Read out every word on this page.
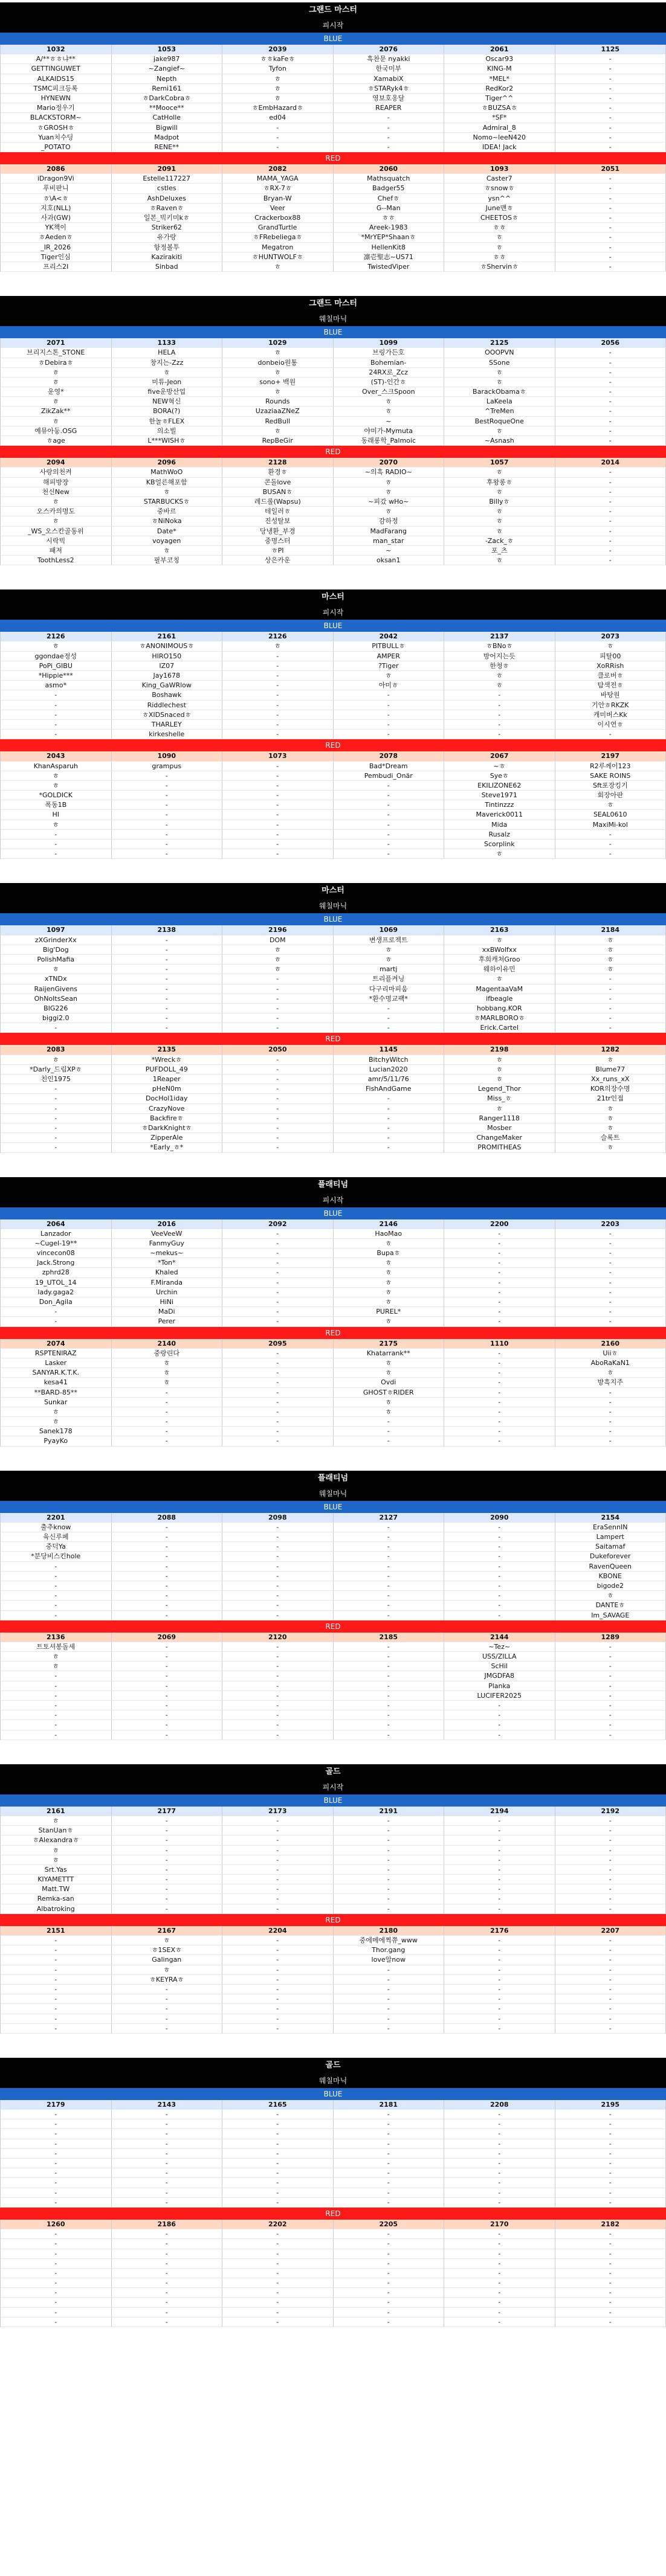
그랜드 마스터
피시작
BLUE
1032	1053	2039	2076	2061	1125
A/**ㅎㅎ냐**	jake987	ㅎㅎkaFeㅎ	흑찬문 nyakki	Oscar93	-
GETTINGUWET	~Zangief~	Tyfon	한국미부	KING-M	-
ALKAIDS15	Nepth	ㅎ	XamabiX	*MEL*	-
TSMC피크등록	Remi161	ㅎ	ㅎSTARyk4ㅎ	RedKor2	-
HYNEWN	ㅎDarkCobraㅎ	ㅎ	영보호옹달	Tiger^^	-
Mario정우기	**Mooce**	ㅎEmbHazardㅎ	REAPER	ㅎBUZSAㅎ	-
BLACKSTORM~	CatHolle	ed04	-	*SF*	-
ㅎGROSHㅎ	Bigwill	-	-	Admiral_8	-
Yuan치수딩	Madpot	-	-	Nomo~leeN420	-
_POTATO	RENE**	-	-	IDEA! Jack	-
RED
2086	2091	2082	2060	1093	2051
iDragon9Vi	Estelle117227	MAMA_YAGA	Mathsquatch	Caster7	-
푸비판니	cstles	ㅎRX-7ㅎ	Badger55	ㅎsnowㅎ	-
ㅎ\A<ㅎ	AshDeluxes	Bryan-W	Chefㅎ	ysn^^	-
지호(NLL)	ㅎRavenㅎ	Veer	G--Man	June맨ㅎ	-
사과(GW)	일본_빅키미kㅎ	Crackerbox88	ㅎㅎ	CHEETOSㅎ	-
YK책이	Striker62	GrandTurtle	Areek-1983	ㅎㅎ	-
ㅎAedenㅎ	유가랑	ㅎFRebeliegaㅎ	*MrYEP*Shaanㅎ	ㅎ	-
_IR_2026	항정볼투	Megatron	HellenKit8	ㅎ	-
Tiger인심	Kazirakiti	ㅎHUNTWOLFㅎ	凛壱聖志~US71	ㅎㅎ	-
프리스2I	Sinbad	ㅎ	TwistedViper	ㅎShervinㅎ	-
그랜드 마스터
웨칠마닉
BLUE
2071	1133	1029	1099	2125	2056
브리지스톤_STONE	HELA	ㅎ	브링가든호	OOOPVN	-
ㅎDebiraㅎ	창지는-Zzz	donbeio원통	Bohemian-	SSone	-
ㅎ	ㅎ	ㅎ	24RX로_Zcz	ㅎ	-
ㅎ	미튜-Jeon	sono+ 백원	(ST)-인간ㅎ	ㅎ	-
운영*	five운방산업	ㅎ	Over_스크Spoon	BarackObamaㅎ	-
ㅎ	NEW혁신	Rounds	ㅎ	LaKeela	-
ZikZak**	BORA(?)	UzaziaaZNeZ	ㅎ	^TreMen	-
ㅎ	한놀ㅎFLEX	RedBull	~	BestRoqueOne	-
예뮤아둥.OSG	의소빌	ㅎ	야미가-Mymuta	ㅎ	-
ㅎage	L***WISHㅎ	RepBeGir	동래롱학_Palmoic	~Asnash	-
RED
2094	2096	2128	2070	1057	2014
사랑의천켜	MathWoO	환경ㅎ	~의흑 RADIO~	ㅎ	-
해피방장	KB얼른해포함	콘돌love	ㅎ	후왕롱ㅎ	-
천신New	ㅎ	BUSANㅎ	ㅎ	ㅎ	-
ㅎ	STARBUCKSㅎ	레드롤(Wapsu)	~피갔 wHo~	Billyㅎ	-
오스카의명도	중바르	테일러ㅎ	ㅎ	ㅎ	-
ㅎ	ㅎNiNoka	진성탈보	감하정	ㅎ	-
_WS_오스칸골동위	Date*	당냉환_부경	MadFarang	ㅎ	-
시락빅	voyagen	중명스터	man_star	-Zack_ㅎ	-
패저	ㅎ	ㅎPI	~	포_츠	-
ToothLess2	필부코칭	상은카운	oksan1	ㅎ	-
마스터
피시작
BLUE
2126	2161	2126	2042	2137	2073
ㅎ	ㅎANONIMOUSㅎ	ㅎ	PITBULLㅎ	ㅎBNoㅎ	ㅎ
ggondae정성	HIRO150	-	AMPER	방어지는듯	피탈00
PoPi_GIBU	IZ07	-	?Tiger	한청ㅎ	XoRRish
*Hippie***	Jay1678	-	ㅎ	ㅎ	클로버ㅎ
asmo*	King_GaWRlow	-	아미ㅎ	ㅎ	탐색전ㅎ
-	Boshawk	-	-	-	바탕원
-	Riddlechest	-	-	-	기안ㅎRKZK
-	ㅎXIDSnacedㅎ	-	-	-	캐미버스Kk
-	THARLEY	-	-	-	이시연ㅎ
-	kirkeshelle	-	-	-	-
RED
2043	1090	1073	2078	2067	2197
KhanAsparuh	grampus	-	Bad*Dream	~ㅎ	R2루께이123
ㅎ	-	-	Pembudi_Onär	Syeㅎ	SAKE ROINS
ㅎ	-	-	-	EKILIZONE62	Sft포장킹기
*GOLDICK	-	-	-	Steve1971	회장아판
폭동1B	-	-	-	Tintinzzz	ㅎ
HI	-	-	-	Maverick0011	SEAL0610
ㅎ	-	-	-	Mida	MaxiMi-kol
-	-	-	-	Rusalz	-
-	-	-	-	Scorplink	-
-	-	-	-	ㅎ	-
마스터
웨칠마닉
BLUE
1097	2138	2196	1069	2163	2184
zXGrinderXx	-	DOM	변생프로젝트	ㅎ	ㅎ
Big'Dog	-	ㅎ	ㅎ	xxBWolfxx	ㅎ
PolishMafia	-	ㅎ	ㅎ	후희캐쳐Groo	ㅎ
ㅎ	-	ㅎ	martj	웨하이유민	ㅎ
xTNDx	-	-	트리플켜닝	ㅎ	-
RaijenGivens	-	-	다구리마피움	MagentaaVaM	-
OhNoItsSean	-	-	*환수명교팩*	ifbeagle	-
BIG226	-	-	-	hobbang.KOR	-
biggi2.0	-	-	-	ㅎMARLBOROㅎ	-
-	-	-	-	Erick.Cartel	-
RED
2083	2135	2050	1145	2198	1282
ㅎ	*Wreckㅎ	-	BitchyWitch	ㅎ	ㅎ
*Darly_드림XPㅎ	PUFDOLL_49	-	Lucian2020	ㅎ	Blume77
친인1975	1Reaper	-	amr/5/11/76	ㅎ	Xx_runs_xX
-	pHeN0m	-	FishAndGame	Legend_Thor	KOR의장수명
-	DocHol1iday	-	-	Miss_ㅎ	21tr인접
-	CrazyNove	-	-	ㅎ	ㅎ
-	Backfireㅎ	-	-	Ranger1118	ㅎ
-	ㅎDarkKnightㅎ	-	-	Mosber	ㅎ
-	ZipperAle	-	-	ChangeMaker	슬록트
-	*Early_ㅎ*	-	-	PROMITHEAS	ㅎ
플래티넘
피시작
BLUE
2064	2016	2092	2146	2200	2203
Lanzador	VeeVeeW	-	HaoMao	-	-
~Cugel-19**	FanmyGuy	-	ㅎ	-	-
vincecon08	~mekus~	-	Bupaㅎ	-	-
Jack.Strong	*Ton*	-	ㅎ	-	-
zphrd28	Khaled	-	ㅎ	-	-
19_UTOL_14	F.Miranda	-	ㅎ	-	-
lady.gaga2	Urchin	-	ㅎ	-	-
Don_Agila	HiNi	-	ㅎ	-	-
-	MaDi	-	PUREL*	-	-
-	Perer	-	ㅎ	-	-
RED
2074	2140	2095	2175	1110	2160
RSPTENIRAZ	중랑린다	-	Khatarrank**	-	Uiiㅎ
Lasker	ㅎ	-	ㅎ	-	AboRaKaN1
SANYAR.K.T.K.	ㅎ	-	ㅎ	-	ㅎ
kesa41	ㅎ	-	Ovdi	-	방흑지주
**BARD-85**	-	-	GHOSTㅎRIDER	-	-
Sunkar	-	-	ㅎ	-	-
ㅎ	-	-	ㅎ	-	-
ㅎ	-	-	-	-	-
Sanek178	-	-	-	-	-
PyayKo	-	-	-	-	-
플래티넘
웨칠마닉
BLUE
2201	2088	2098	2127	2090	2154
출추know	-	-	-	-	EraSennIN
육신루페	-	-	-	-	Lampert
중덕Ya	-	-	-	-	Saitamaf
*분당비스킨hole	-	-	-	-	Dukeforever
-	-	-	-	-	RavenQueen
-	-	-	-	-	KBONE
-	-	-	-	-	bigode2
-	-	-	-	-	ㅎ
-	-	-	-	-	DANTEㅎ
-	-	-	-	-	Im_SAVAGE
RED
2136	2069	2120	2185	2144	1289
트토셔봉돌세	-	-	-	~Tez~	-
ㅎ	-	-	-	USS/ZILLA	-
ㅎ	-	-	-	ScHil	-
-	-	-	-	JMGDFA8	-
-	-	-	-	Planka	-
-	-	-	-	LUCIFER2025	-
-	-	-	-	-	-
-	-	-	-	-	-
-	-	-	-	-	-
-	-	-	-	-	-
골드
피시작
BLUE
2161	2177	2173	2191	2194	2192
ㅎ	-	-	-	-	-
StanUanㅎ	-	-	-	-	-
ㅎAlexandraㅎ	-	-	-	-	-
ㅎ	-	-	-	-	-
ㅎ	-	-	-	-	-
Srt.Yas	-	-	-	-	-
KIYAMETTT	-	-	-	-	-
Matt.TW	-	-	-	-	-
Remka-san	-	-	-	-	-
Albatroking	-	-	-	-	-
RED
2151	2167	2204	2180	2176	2207
-	ㅎ	-	중에메에찍쮸_www	-	-
-	ㅎ1SEXㅎ	-	Thor.gang	-	-
-	Galingan	-	love알now	-	-
-	ㅎ	-	-	-	-
-	ㅎKEYRAㅎ	-	-	-	-
-	-	-	-	-	-
-	-	-	-	-	-
-	-	-	-	-	-
-	-	-	-	-	-
-	-	-	-	-	-
골드
웨칠마닉
BLUE
2179	2143	2165	2181	2208	2195
-	-	-	-	-	-
-	-	-	-	-	-
-	-	-	-	-	-
-	-	-	-	-	-
-	-	-	-	-	-
-	-	-	-	-	-
-	-	-	-	-	-
-	-	-	-	-	-
-	-	-	-	-	-
-	-	-	-	-	-
RED
1260	2186	2202	2205	2170	2182
-	-	-	-	-	-
-	-	-	-	-	-
-	-	-	-	-	-
-	-	-	-	-	-
-	-	-	-	-	-
-	-	-	-	-	-
-	-	-	-	-	-
-	-	-	-	-	-
-	-	-	-	-	-
-	-	-	-	-	-
